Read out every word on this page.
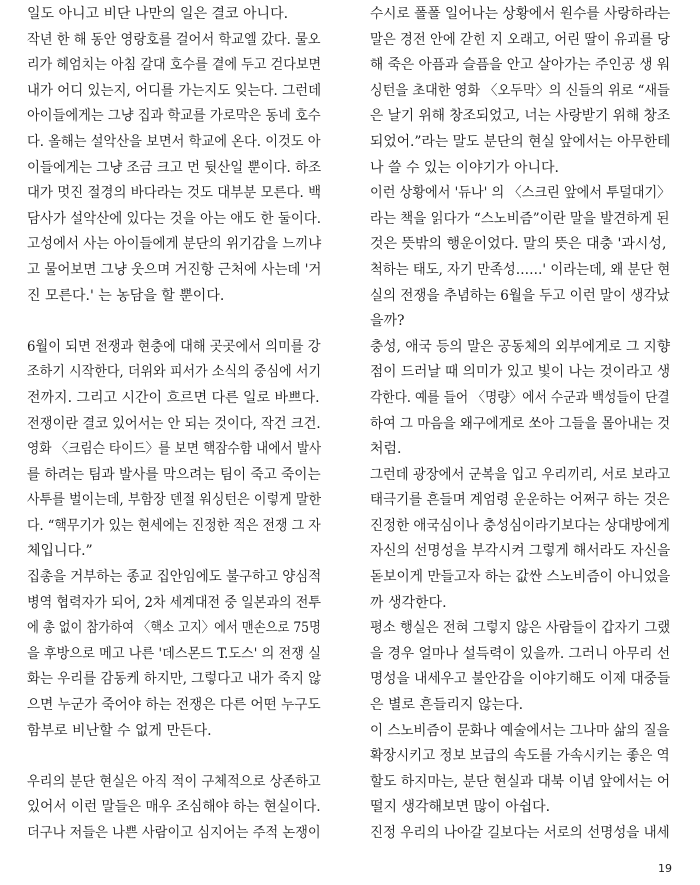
일도 아니고 비단 나만의 일은 결코 아니다.
작년 한 해 동안 영랑호를 걸어서 학교엘 갔다. 물오
리가 헤엄치는 아침 갈대 호수를 곁에 두고 걷다보면
내가 어디 있는지, 어디를 가는지도 잊는다. 그런데
아이들에게는 그냥 집과 학교를 가로막은 동네 호수
다. 올해는 설악산을 보면서 학교에 온다. 이것도 아
이들에게는 그냥 조금 크고 먼 뒷산일 뿐이다. 하조
대가 멋진 절경의 바다라는 것도 대부분 모른다. 백
담사가 설악산에 있다는 것을 아는 애도 한 둘이다.
고성에서 사는 아이들에게 분단의 위기감을 느끼냐
고 물어보면 그냥 웃으며 거진항 근처에 사는데 '거
진 모른다.' 는 농담을 할 뿐이다.
6월이 되면 전쟁과 현충에 대해 곳곳에서 의미를 강
조하기 시작한다, 더위와 피서가 소식의 중심에 서기
전까지. 그리고 시간이 흐르면 다른 일로 바쁘다.
전쟁이란 결코 있어서는 안 되는 것이다, 작건 크건.
영화 〈크림슨 타이드〉를 보면 핵잠수함 내에서 발사
를 하려는 팀과 발사를 막으려는 팀이 죽고 죽이는
사투를 벌이는데, 부함장 덴절 워싱턴은 이렇게 말한
다. “핵무기가 있는 현세에는 진정한 적은 전쟁 그 자
체입니다.”
집총을 거부하는 종교 집안임에도 불구하고 양심적
병역 협력자가 되어, 2차 세계대전 중 일본과의 전투
에 총 없이 참가하여 〈핵소 고지〉에서 맨손으로 75명
을 후방으로 메고 나른 '데스몬드 T.도스' 의 전쟁 실
화는 우리를 감동케 하지만, 그렇다고 내가 죽지 않
으면 누군가 죽어야 하는 전쟁은 다른 어떤 누구도
함부로 비난할 수 없게 만든다.
우리의 분단 현실은 아직 적이 구체적으로 상존하고
있어서 이런 말들은 매우 조심해야 하는 현실이다.
더구나 저들은 나쁜 사람이고 심지어는 주적 논쟁이
수시로 폴폴 일어나는 상황에서 원수를 사랑하라는
말은 경전 안에 갇힌 지 오래고, 어린 딸이 유괴를 당
해 죽은 아픔과 슬픔을 안고 살아가는 주인공 생 워
싱턴을 초대한 영화 〈오두막〉의 신들의 위로 “새들
은 날기 위해 창조되었고, 너는 사랑받기 위해 창조
되었어.”라는 말도 분단의 현실 앞에서는 아무한테
나 쓸 수 있는 이야기가 아니다.
이런 상황에서 '듀나' 의 〈스크린 앞에서 투덜대기〉
라는 책을 읽다가 “스노비즘”이란 말을 발견하게 된
것은 뜻밖의 행운이었다. 말의 뜻은 대충 '과시성,
척하는 태도, 자기 만족성……' 이라는데, 왜 분단 현
실의 전쟁을 추념하는 6월을 두고 이런 말이 생각났
을까?
충성, 애국 등의 말은 공동체의 외부에게로 그 지향
점이 드러날 때 의미가 있고 빛이 나는 것이라고 생
각한다. 예를 들어 〈명량〉에서 수군과 백성들이 단결
하여 그 마음을 왜구에게로 쏘아 그들을 몰아내는 것
처럼.
그런데 광장에서 군복을 입고 우리끼리, 서로 보라고
태극기를 흔들며 계엄령 운운하는 어쩌구 하는 것은
진정한 애국심이나 충성심이라기보다는 상대방에게
자신의 선명성을 부각시켜 그렇게 해서라도 자신을
돋보이게 만들고자 하는 값싼 스노비즘이 아니었을
까 생각한다.
평소 행실은 전혀 그렇지 않은 사람들이 갑자기 그랬
을 경우 얼마나 설득력이 있을까. 그러니 아무리 선
명성을 내세우고 불안감을 이야기해도 이제 대중들
은 별로 흔들리지 않는다.
이 스노비즘이 문화나 예술에서는 그나마 삶의 질을
확장시키고 정보 보급의 속도를 가속시키는 좋은 역
할도 하지마는, 분단 현실과 대북 이념 앞에서는 어
떨지 생각해보면 많이 아쉽다.
진정 우리의 나아갈 길보다는 서로의 선명성을 내세
19
